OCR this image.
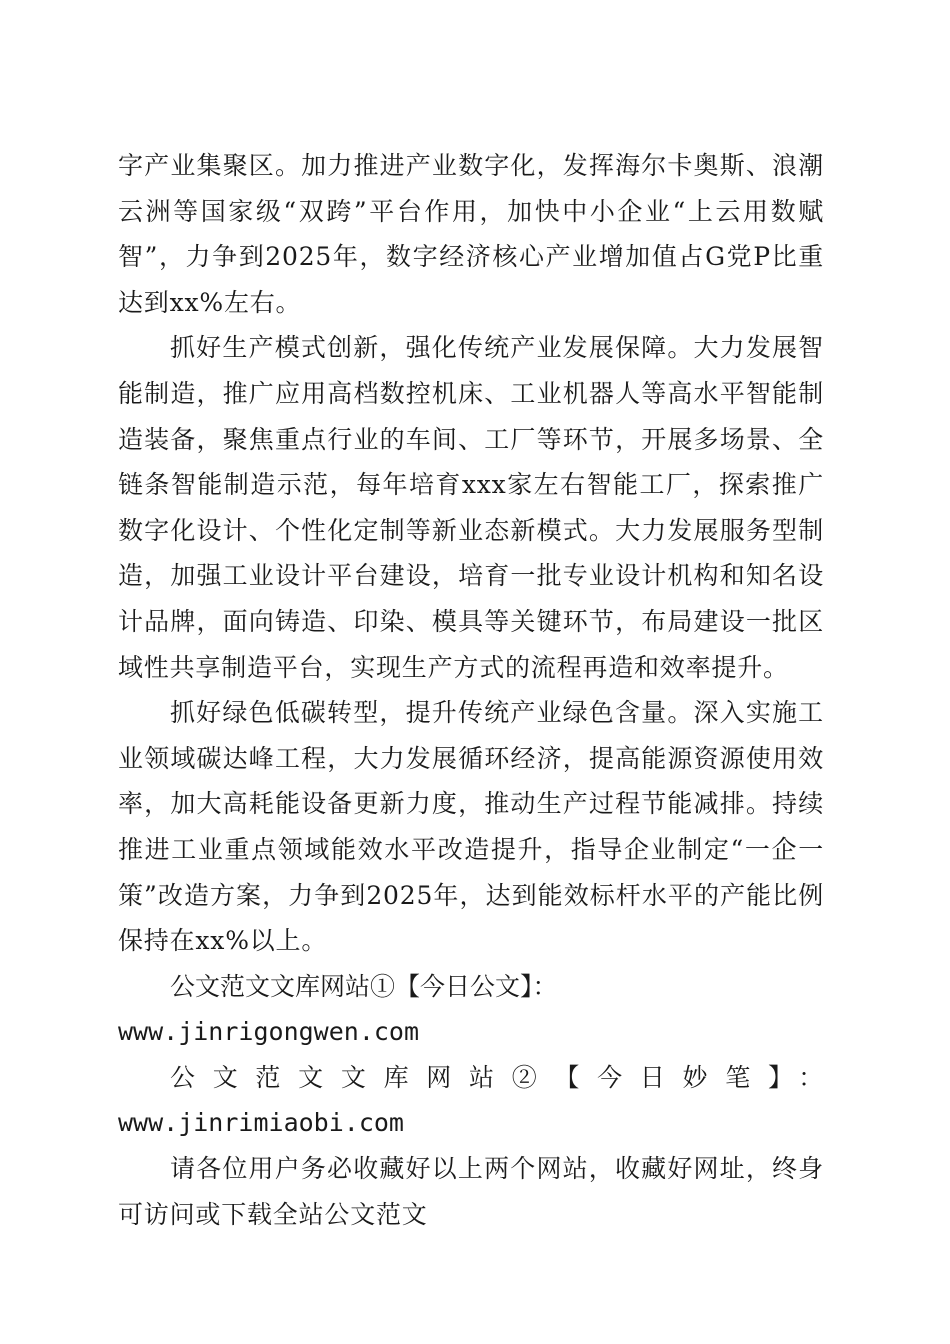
字产业集聚区。加力推进产业数字化，发挥海尔卡奥斯、浪潮云洲等国家级“双跨”平台作用，加快中小企业“上云用数赋智”，力争到2025年，数字经济核心产业增加值占G党P比重达到xx%左右。

抓好生产模式创新，强化传统产业发展保障。大力发展智能制造，推广应用高档数控机床、工业机器人等高水平智能制造装备，聚焦重点行业的车间、工厂等环节，开展多场景、全链条智能制造示范，每年培育xxx家左右智能工厂，探索推广数字化设计、个性化定制等新业态新模式。大力发展服务型制造，加强工业设计平台建设，培育一批专业设计机构和知名设计品牌，面向铸造、印染、模具等关键环节，布局建设一批区域性共享制造平台，实现生产方式的流程再造和效率提升。

抓好绿色低碳转型，提升传统产业绿色含量。深入实施工业领域碳达峰工程，大力发展循环经济，提高能源资源使用效率，加大高耗能设备更新力度，推动生产过程节能减排。持续推进工业重点领域能效水平改造提升，指导企业制定“一企一策”改造方案，力争到2025年，达到能效标杆水平的产能比例保持在xx%以上。

公文范文文库网站①【今日公文】：

www.jinrigongwen.com

公文范文文库网站②【今日妙笔】：www.jinrimiaobi.com

请各位用户务必收藏好以上两个网站，收藏好网址，终身可访问或下载全站公文范文
